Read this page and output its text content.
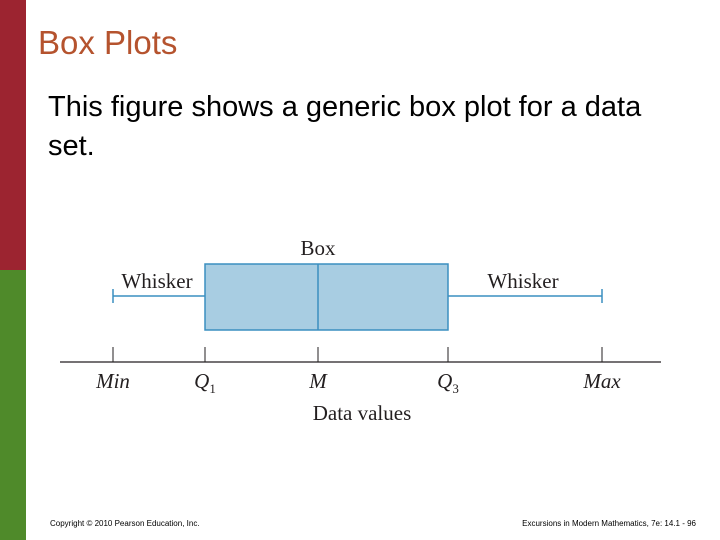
Box Plots
This figure shows a generic box plot for a data set.
Box
Whisker	Whisker
Min	$Q_1$	M	$Q_3$	Max
Data values
Copyright © 2010 Pearson Education, Inc.	Excursions in Modern Mathematics, 7e: 14.1 - 96
